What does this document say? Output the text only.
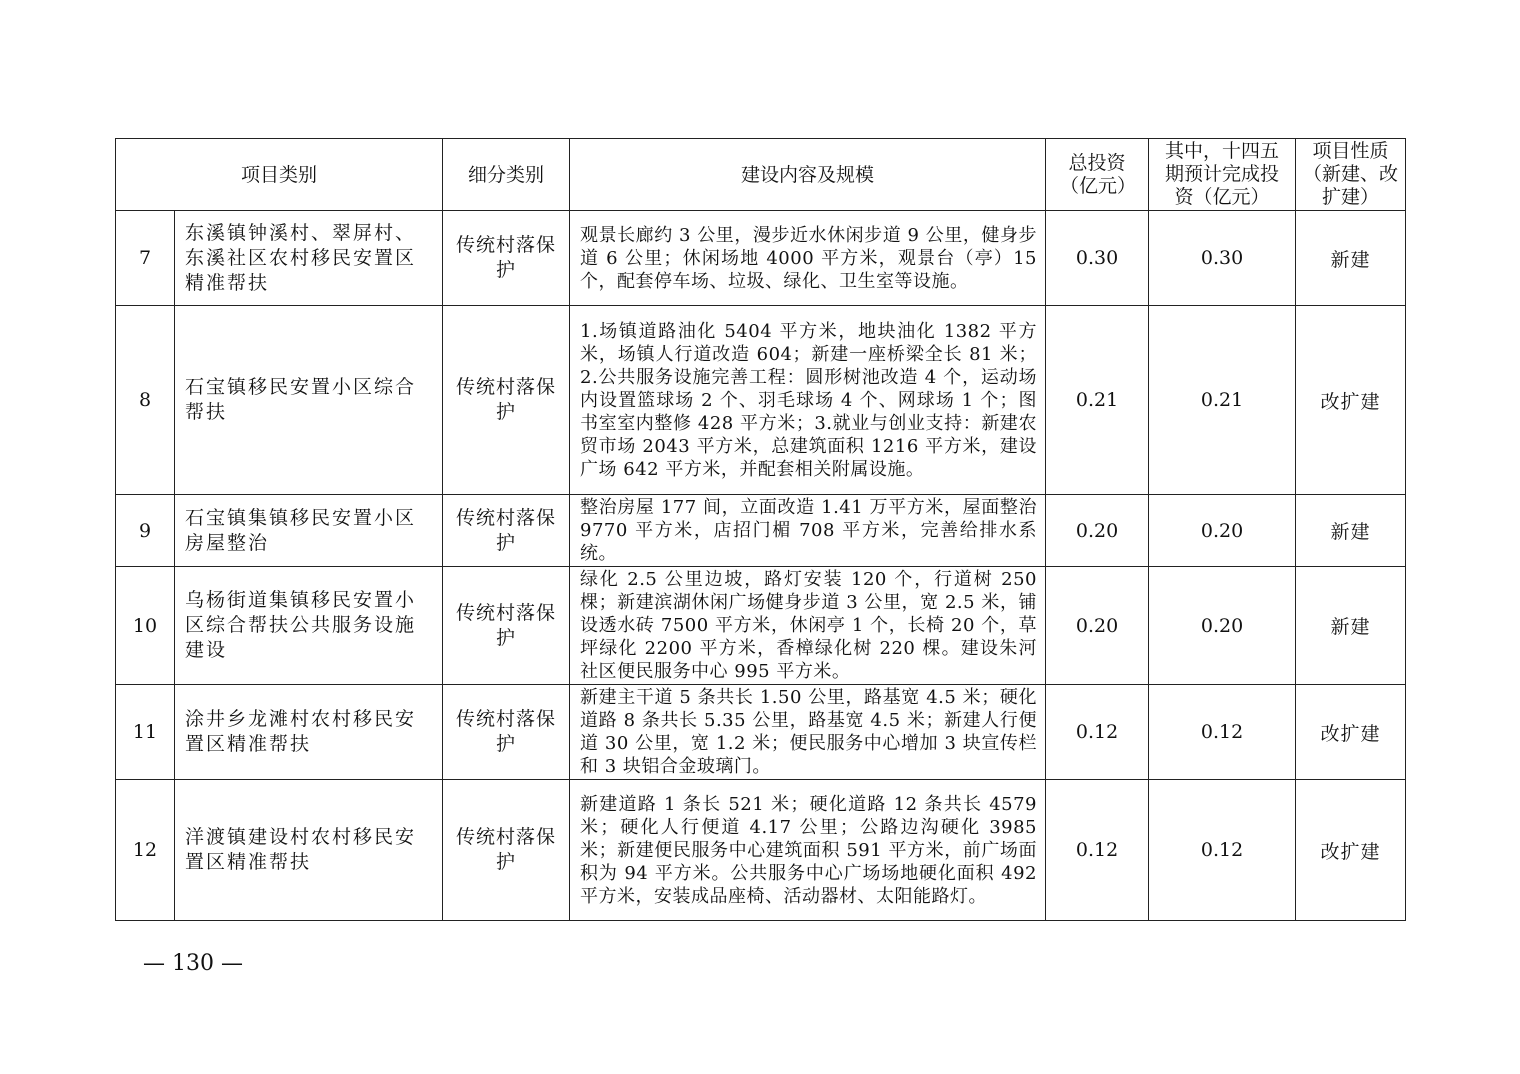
项目类别		细分类别	建设内容及规模	总投资（亿元）	其中，十四五期预计完成投资（亿元）	项目性质（新建、改扩建）
7	东溪镇钟溪村、翠屏村、东溪社区农村移民安置区精准帮扶	传统村落保护	观景长廊约 3 公里，漫步近水休闲步道 9 公里，健身步道 6 公里；休闲场地 4000 平方米，观景台（亭）15 个，配套停车场、垃圾、绿化、卫生室等设施。	0.30	0.30	新建
8	石宝镇移民安置小区综合帮扶	传统村落保护	1.场镇道路油化 5404 平方米，地块油化 1382 平方米，场镇人行道改造 604；新建一座桥梁全长 81 米；2.公共服务设施完善工程：圆形树池改造 4 个，运动场内设置篮球场 2 个、羽毛球场 4 个、网球场 1 个；图书室室内整修 428 平方米；3.就业与创业支持：新建农贸市场 2043 平方米，总建筑面积 1216 平方米，建设广场 642 平方米，并配套相关附属设施。	0.21	0.21	改扩建
9	石宝镇集镇移民安置小区房屋整治	传统村落保护	整治房屋 177 间，立面改造 1.41 万平方米，屋面整治 9770 平方米，店招门楣 708 平方米，完善给排水系统。	0.20	0.20	新建
10	乌杨街道集镇移民安置小区综合帮扶公共服务设施建设	传统村落保护	绿化 2.5 公里边坡，路灯安装 120 个，行道树 250 棵；新建滨湖休闲广场健身步道 3 公里，宽 2.5 米，铺设透水砖 7500 平方米，休闲亭 1 个，长椅 20 个，草坪绿化 2200 平方米，香樟绿化树 220 棵。建设朱河社区便民服务中心 995 平方米。	0.20	0.20	新建
11	涂井乡龙滩村农村移民安置区精准帮扶	传统村落保护	新建主干道 5 条共长 1.50 公里，路基宽 4.5 米；硬化道路 8 条共长 5.35 公里，路基宽 4.5 米；新建人行便道 30 公里，宽 1.2 米；便民服务中心增加 3 块宣传栏和 3 块铝合金玻璃门。	0.12	0.12	改扩建
12	洋渡镇建设村农村移民安置区精准帮扶	传统村落保护	新建道路 1 条长 521 米；硬化道路 12 条共长 4579 米；硬化人行便道 4.17 公里；公路边沟硬化 3985 米；新建便民服务中心建筑面积 591 平方米，前广场面积为 94 平方米。公共服务中心广场场地硬化面积 492 平方米，安装成品座椅、活动器材、太阳能路灯。	0.12	0.12	改扩建
— 130 —
